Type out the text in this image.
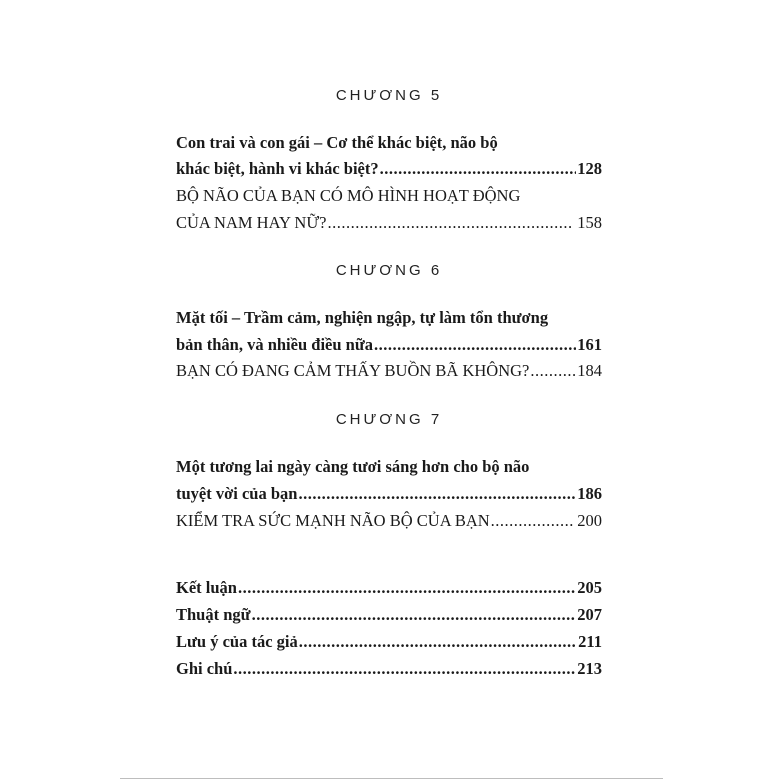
CHƯƠNG 5
Con trai và con gái – Cơ thể khác biệt, não bộ
khác biệt, hành vi khác biệt? .....	128
BỘ NÃO CỦA BẠN CÓ MÔ HÌNH HOẠT ĐỘNG
CỦA NAM HAY NỮ? .....	158
CHƯƠNG 6
Mặt tối – Trầm cảm, nghiện ngập, tự làm tổn thương
bản thân, và nhiều điều nữa .....	161
BẠN CÓ ĐANG CẢM THẤY BUỒN BÃ KHÔNG? .....	184
CHƯƠNG 7
Một tương lai ngày càng tươi sáng hơn cho bộ não
tuyệt vời của bạn .....	186
KIỂM TRA SỨC MẠNH NÃO BỘ CỦA BẠN .....	200
Kết luận .....	205
Thuật ngữ .....	207
Lưu ý của tác giả .....	211
Ghi chú .....	213
